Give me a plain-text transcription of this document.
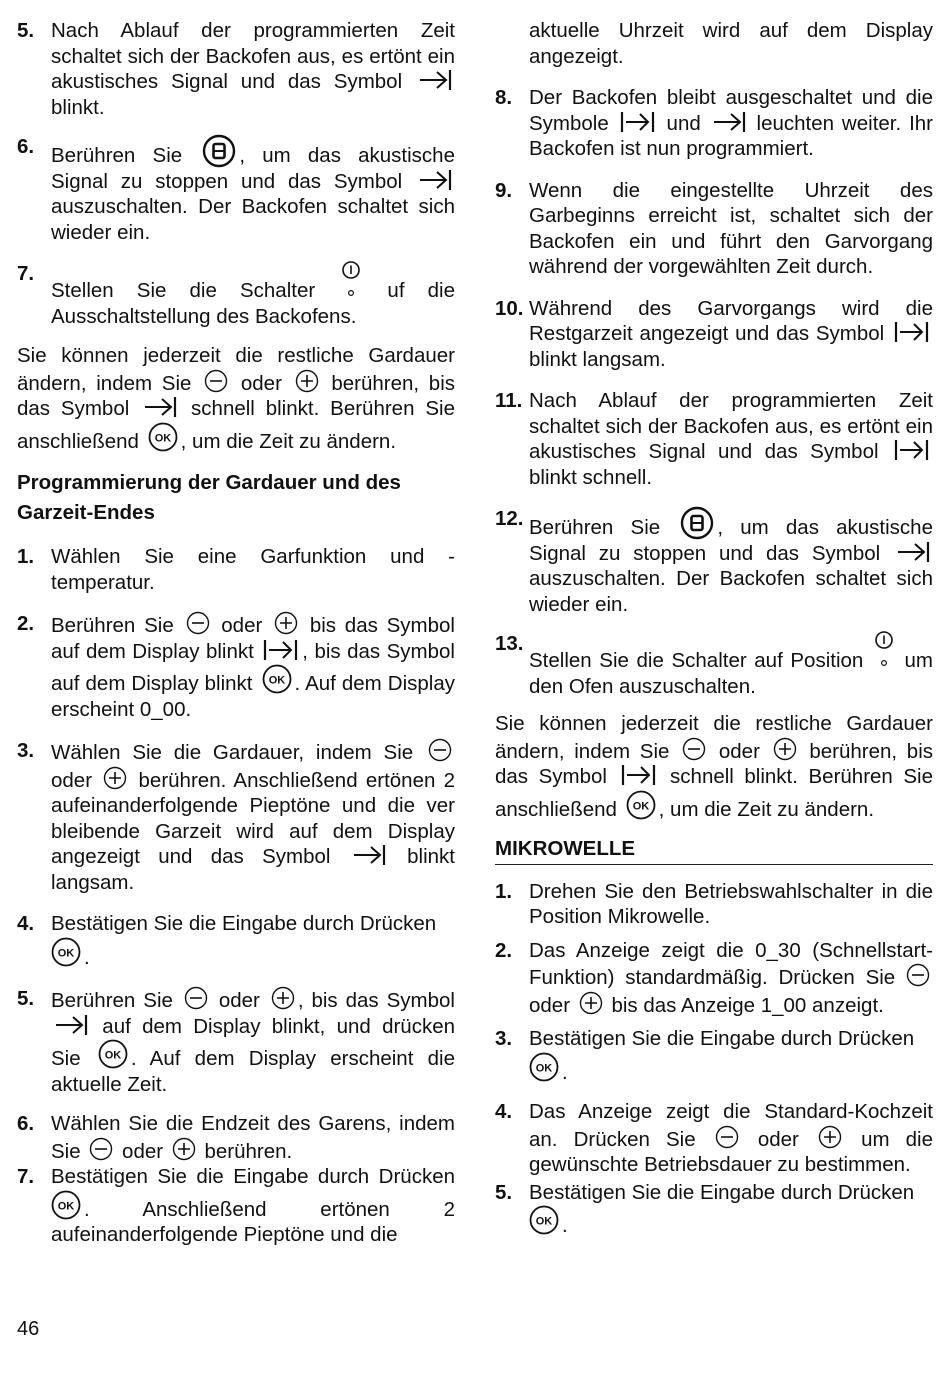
5. Nach Ablauf der programmierten Zeit schaltet sich der Backofen aus, es ertönt ein akustisches Signal und das Symbol
blinkt.
6. Berühren Sie	, um das akustische Signal zu stoppen und das Symbol
auszuschalten. Der Backofen schaltet sich wieder ein.
7.
Stellen Sie die Schalter	uf die Ausschaltstellung des Backofens.
Sie können jederzeit die restliche Gardauer ändern, indem Sie oder berühren, bis das Symbol	schnell blinkt. Berühren Sie anschließend , um die Zeit zu ändern.
Programmierung der Gardauer und des Garzeit-Endes
1. Wählen Sie eine Garfunktion und -temperatur.
2. Berühren Sie oder bis das Symbol auf dem Display blinkt , bis das Symbol auf dem Display blinkt . Auf dem Display erscheint 0_00.
3. Wählen Sie die Gardauer, indem Sie
oder berühren. Anschließend ertönen 2 aufeinanderfolgende Pieptöne und die ver bleibende Garzeit wird auf dem Display angezeigt und das Symbol	blinkt langsam.
4. Bestätigen Sie die Eingabe durch Drücken

.
5. Berühren Sie oder , bis das Symbol
auf dem Display blinkt, und drücken Sie . Auf dem Display erscheint die aktuelle Zeit.
6. Wählen Sie die Endzeit des Garens, indem Sie oder berühren.
7. Bestätigen Sie die Eingabe durch Drücken
. Anschließend ertönen 2 aufeinanderfolgende Pieptöne und die
aktuelle Uhrzeit wird auf dem Display angezeigt.
8. Der Backofen bleibt ausgeschaltet und die Symbole	und	leuchten weiter. Ihr Backofen ist nun programmiert.
9. Wenn die eingestellte Uhrzeit des Garbeginns erreicht ist, schaltet sich der Backofen ein und führt den Garvorgang während der vorgewählten Zeit durch.
10. Während des Garvorgangs wird die Restgarzeit angezeigt und das Symbol
blinkt langsam.
11. Nach Ablauf der programmierten Zeit schaltet sich der Backofen aus, es ertönt ein akustisches Signal und das Symbol
blinkt schnell.
12. Berühren Sie	, um das akustische Signal zu stoppen und das Symbol
auszuschalten. Der Backofen schaltet sich wieder ein.
13.
Stellen Sie die Schalter auf Position um den Ofen auszuschalten.
Sie können jederzeit die restliche Gardauer ändern, indem Sie oder berühren, bis das Symbol	schnell blinkt. Berühren Sie anschließend , um die Zeit zu ändern.
MIKROWELLE
1. Drehen Sie den Betriebswahlschalter in die Position Mikrowelle.
2. Das Anzeige zeigt die 0_30 (Schnellstart-Funktion) standardmäßig. Drücken Sie
oder bis das Anzeige 1_00 anzeigt.
3. Bestätigen Sie die Eingabe durch Drücken

.
4. Das Anzeige zeigt die Standard-Kochzeit an. Drücken Sie	oder	um die gewünschte Betriebsdauer zu bestimmen.
5. Bestätigen Sie die Eingabe durch Drücken

.
46
